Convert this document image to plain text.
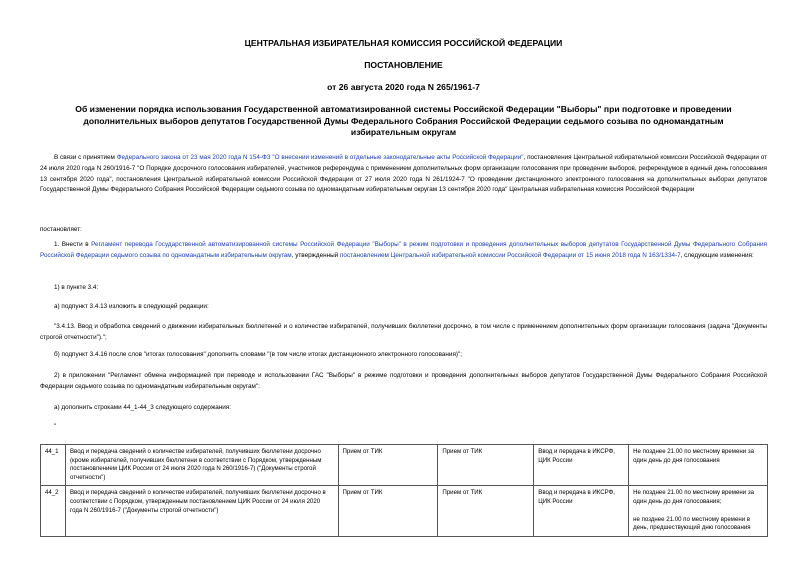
ЦЕНТРАЛЬНАЯ ИЗБИРАТЕЛЬНАЯ КОМИССИЯ РОССИЙСКОЙ ФЕДЕРАЦИИ
ПОСТАНОВЛЕНИЕ
от 26 августа 2020 года N 265/1961-7
Об изменении порядка использования Государственной автоматизированной системы Российской Федерации "Выборы" при подготовке и проведении дополнительных выборов депутатов Государственной Думы Федерального Собрания Российской Федерации седьмого созыва по одномандатным избирательным округам
В связи с принятием Федерального закона от 23 мая 2020 года N 154-ФЗ "О внесении изменений в отдельные законодательные акты Российской Федерации", постановления Центральной избирательной комиссии Российской Федерации от 24 июля 2020 года N 260/1916-7 "О Порядке досрочного голосования избирателей, участников референдума с применением дополнительных форм организации голосования при проведении выборов, референдумов в единый день голосования 13 сентября 2020 года", постановления Центральной избирательной комиссии Российской Федерации от 27 июля 2020 года N 261/1924-7 "О проведении дистанционного электронного голосования на дополнительных выборах депутатов Государственной Думы Федерального Собрания Российской Федерации седьмого созыва по одномандатным избирательным округам 13 сентября 2020 года" Центральная избирательная комиссия Российской Федерации
постановляет:
1. Внести в Регламент перевода Государственной автоматизированной системы Российской Федерации "Выборы" в режим подготовки и проведения дополнительных выборов депутатов Государственной Думы Федерального Собрания Российской Федерации седьмого созыва по одномандатным избирательным округам, утвержденный постановлением Центральной избирательной комиссии Российской Федерации от 15 июня 2018 года N 163/1334-7, следующие изменения:
1) в пункте 3.4:
а) подпункт 3.4.13 изложить в следующей редакции:
"3.4.13. Ввод и обработка сведений о движении избирательных бюллетеней и о количестве избирателей, получивших бюллетени досрочно, в том числе с применением дополнительных форм организации голосования (задача "Документы строгой отчетности").";
б) подпункт 3.4.16 после слов "итогах голосования" дополнить словами "(в том числе итогах дистанционного электронного голосования)";
2) в приложении "Регламент обмена информацией при переводе и использовании ГАС "Выборы" в режиме подготовки и проведения дополнительных выборов депутатов Государственной Думы Федерального Собрания Российской Федерации седьмого созыва по одномандатным избирательным округам":
а) дополнить строками 44_1-44_3 следующего содержания:
"
44_1	Ввод и передача сведений о количестве избирателей, получивших бюллетени досрочно (кроме избирателей, получивших бюллетени в соответствии с Порядком, утвержденным постановлением ЦИК России от 24 июля 2020 года N 260/1916-7) ("Документы строгой отчетности")	Прием от ТИК	Прием от ТИК	Ввод и передача в ИКСРФ, ЦИК России	Не позднее 21.00 по местному времени за один день до дня голосования
44_2	Ввод и передача сведений о количестве избирателей, получивших бюллетени досрочно в соответствии с Порядком, утвержденным постановлением ЦИК России от 24 июля 2020 года N 260/1916-7 ("Документы строгой отчетности")	Прием от ТИК	Прием от ТИК	Ввод и передача в ИКСРФ, ЦИК России	Не позднее 21.00 по местному времени за один день до дня голосования;
не позднее 21.00 по местному времени в день, предшествующий дню голосования
